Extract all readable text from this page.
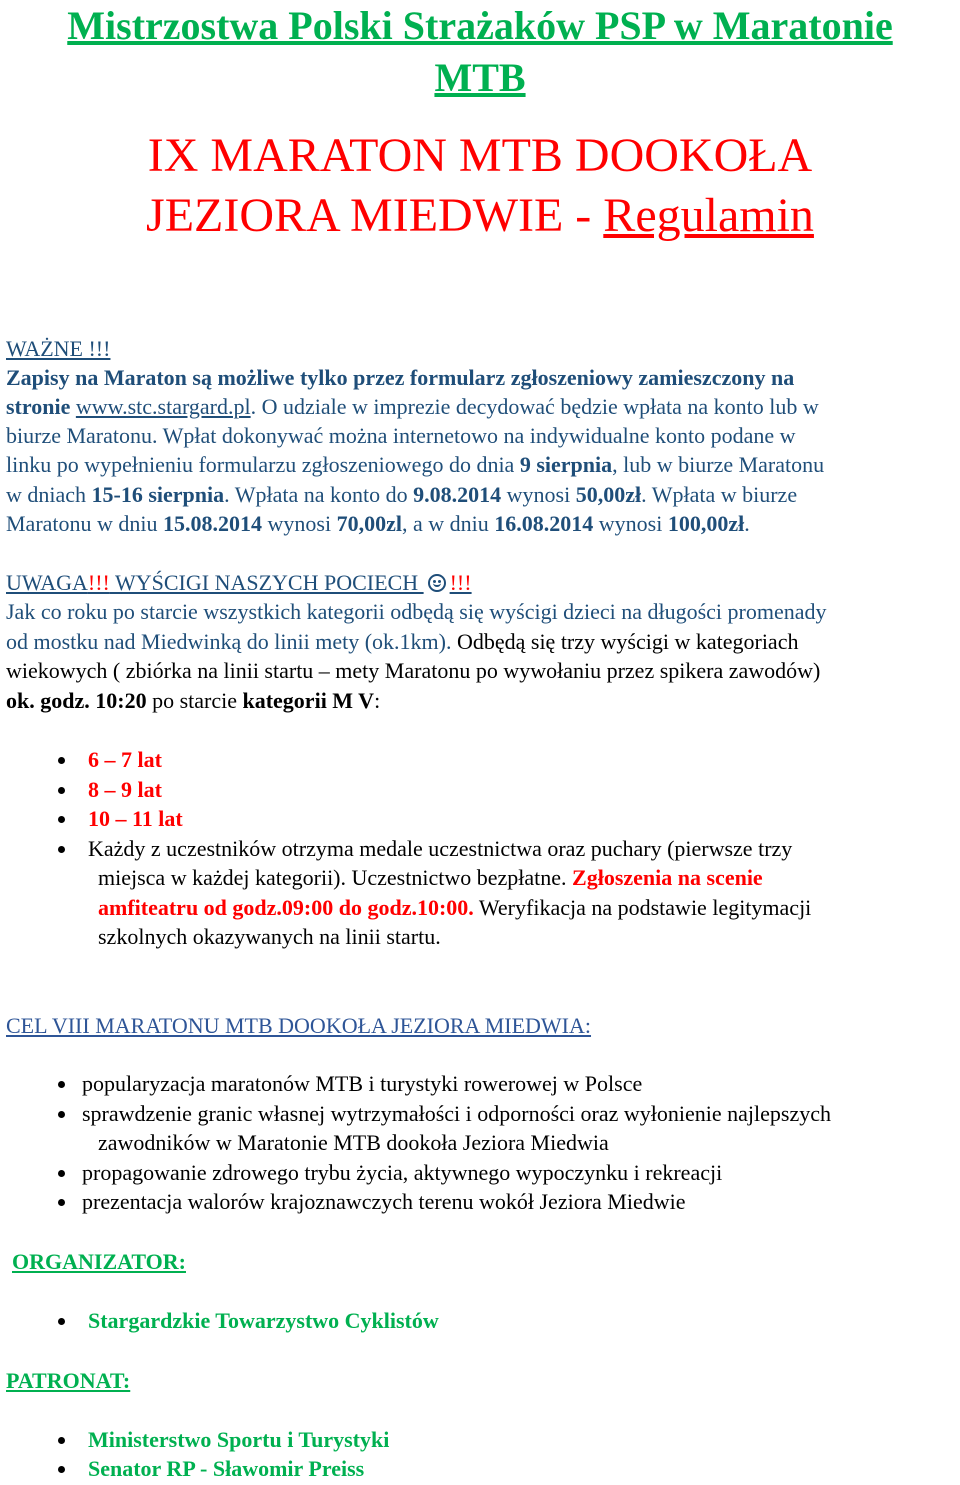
Mistrzostwa Polski Strażaków PSP w Maratonie
MTB
IX MARATON MTB DOOKOŁA
JEZIORA MIEDWIE - Regulamin
WAŻNE !!!
Zapisy na Maraton są możliwe tylko przez formularz zgłoszeniowy zamieszczony na
stronie www.stc.stargard.pl. O udziale w imprezie decydować będzie wpłata na konto lub w
biurze Maratonu. Wpłat dokonywać można internetowo na indywidualne konto podane w
linku po wypełnieniu formularzu zgłoszeniowego do dnia 9 sierpnia, lub w biurze Maratonu
w dniach 15-16 sierpnia. Wpłata na konto do 9.08.2014 wynosi 50,00zł. Wpłata w biurze
Maratonu w dniu 15.08.2014 wynosi 70,00zl, a w dniu 16.08.2014 wynosi 100,00zł.
UWAGA!!! WYŚCIGI NASZYCH POCIECH
!!!
Jak co roku po starcie wszystkich kategorii odbędą się wyścigi dzieci na długości promenady
od mostku nad Miedwinką do linii mety (ok.1km). Odbędą się trzy wyścigi w kategoriach
wiekowych ( zbiórka na linii startu – mety Maratonu po wywołaniu przez spikera zawodów)
ok. godz. 10:20 po starcie kategorii M V:
6 – 7 lat
8 – 9 lat
10 – 11 lat
Każdy z uczestników otrzyma medale uczestnictwa oraz puchary (pierwsze trzy
miejsca w każdej kategorii). Uczestnictwo bezpłatne. Zgłoszenia na scenie
amfiteatru od godz.09:00 do godz.10:00. Weryfikacja na podstawie legitymacji
szkolnych okazywanych na linii startu.
CEL VIII MARATONU MTB DOOKOŁA JEZIORA MIEDWIA:
popularyzacja maratonów MTB i turystyki rowerowej w Polsce
sprawdzenie granic własnej wytrzymałości i odporności oraz wyłonienie najlepszych
zawodników w Maratonie MTB dookoła Jeziora Miedwia
propagowanie zdrowego trybu życia, aktywnego wypoczynku i rekreacji
prezentacja walorów krajoznawczych terenu wokół Jeziora Miedwie
ORGANIZATOR:
Stargardzkie Towarzystwo Cyklistów
PATRONAT:
Ministerstwo Sportu i Turystyki
Senator RP - Sławomir Preiss
